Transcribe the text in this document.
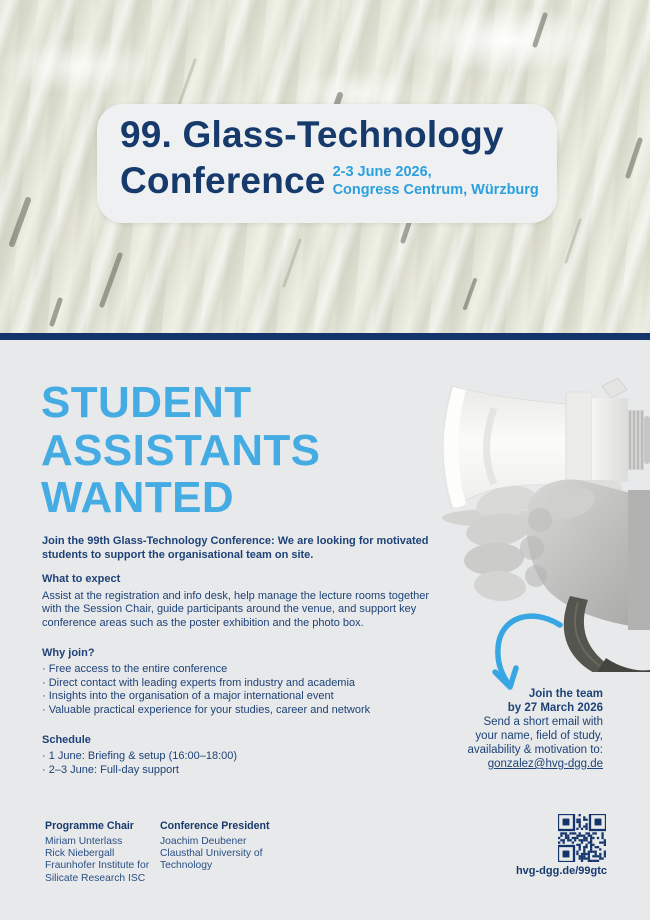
99. Glass-Technology
Conference 2-3 June 2026,
Congress Centrum, Würzburg
STUDENT
ASSISTANTS
WANTED

Join the 99th Glass-Technology Conference: We are looking for motivated students to support the organisational team on site.

What to expect

Assist at the registration and info desk, help manage the lecture rooms together with the Session Chair, guide participants around the venue, and support key conference areas such as the poster exhibition and the photo box.

Why join?

· Free access to the entire conference
· Direct contact with leading experts from industry and academia
· Insights into the organisation of a major international event
· Valuable practical experience for your studies, career and network

Schedule

· 1 June: Briefing & setup (16:00–18:00)
· 2–3 June: Full-day support
Join the team
by 27 March 2026
Send a short email with
your name, field of study,
availability & motivation to:
gonzalez@hvg-dgg.de

Programme Chair

Miriam Unterlass
Rick Niebergall
Fraunhofer Institute for Silicate Research ISC

Conference President

Joachim Deubener
Clausthal University of Technology	hvg-dgg.de/99gtc
